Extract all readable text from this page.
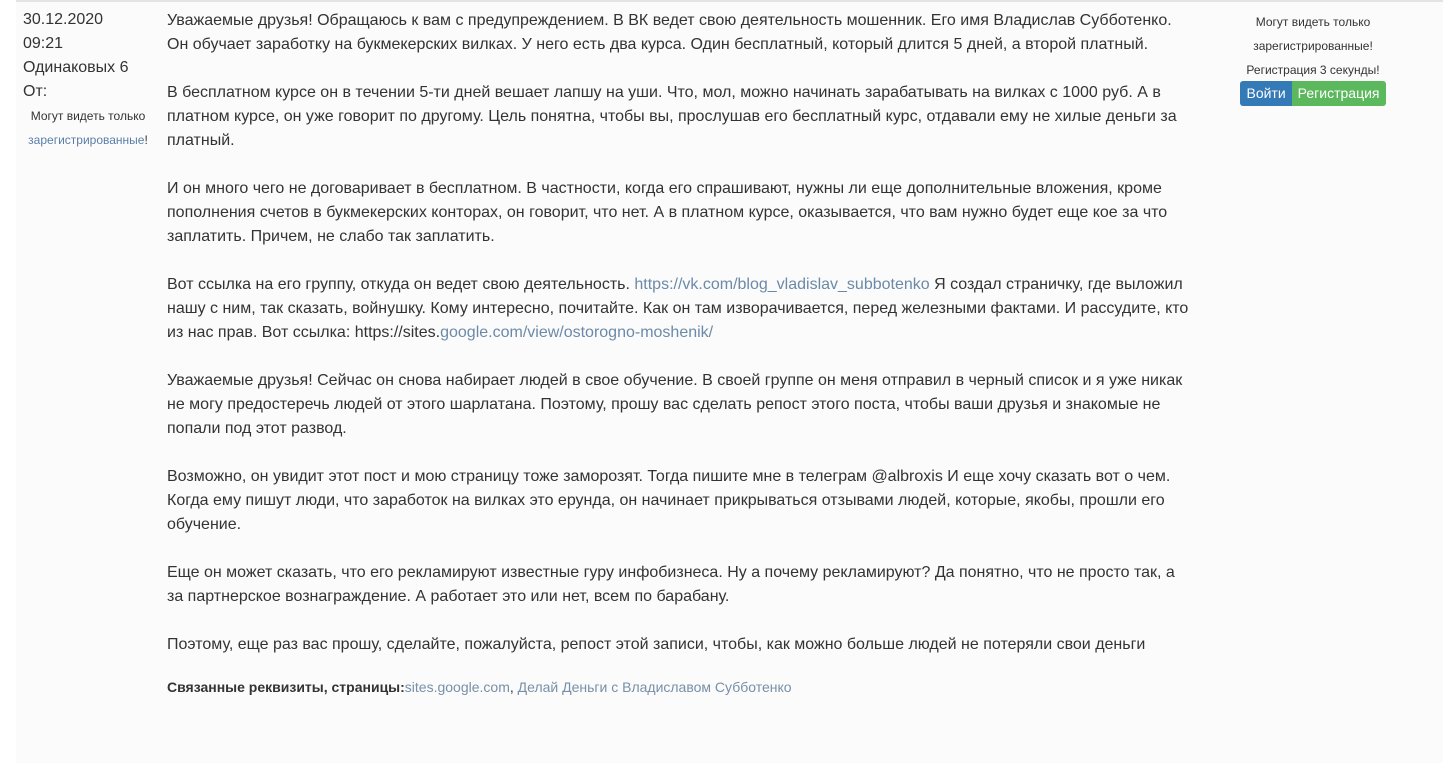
30.12.2020
09:21
Одинаковых 6
От:
Могут видеть только
зарегистрированные!

Уважаемые друзья! Обращаюсь к вам с предупреждением. В ВК ведет свою деятельность мошенник. Его имя Владислав Субботенко. Он обучает заработку на букмекерских вилках. У него есть два курса. Один бесплатный, который длится 5 дней, а второй платный.

В бесплатном курсе он в течении 5-ти дней вешает лапшу на уши. Что, мол, можно начинать зарабатывать на вилках с 1000 руб. А в платном курсе, он уже говорит по другому. Цель понятна, чтобы вы, прослушав его бесплатный курс, отдавали ему не хилые деньги за платный.

И он много чего не договаривает в бесплатном. В частности, когда его спрашивают, нужны ли еще дополнительные вложения, кроме пополнения счетов в букмекерских конторах, он говорит, что нет. А в платном курсе, оказывается, что вам нужно будет еще кое за что заплатить. Причем, не слабо так заплатить.

Вот ссылка на его группу, откуда он ведет свою деятельность. https://vk.com/blog_vladislav_subbotenko Я создал страничку, где выложил нашу с ним, так сказать, войнушку. Кому интересно, почитайте. Как он там изворачивается, перед железными фактами. И рассудите, кто из нас прав. Вот ссылка: https://sites.google.com/view/ostorogno-moshenik/

Уважаемые друзья! Сейчас он снова набирает людей в свое обучение. В своей группе он меня отправил в черный список и я уже никак не могу предостеречь людей от этого шарлатана. Поэтому, прошу вас сделать репост этого поста, чтобы ваши друзья и знакомые не попали под этот развод.

Возможно, он увидит этот пост и мою страницу тоже заморозят. Тогда пишите мне в телеграм @albroxis И еще хочу сказать вот о чем. Когда ему пишут люди, что заработок на вилках это ерунда, он начинает прикрываться отзывами людей, которые, якобы, прошли его обучение.

Еще он может сказать, что его рекламируют известные гуру инфобизнеса. Ну а почему рекламируют? Да понятно, что не просто так, а за партнерское вознаграждение. А работает это или нет, всем по барабану.

Поэтому, еще раз вас прошу, сделайте, пожалуйста, репост этой записи, чтобы, как можно больше людей не потеряли свои деньги

Связанные реквизиты, страницы:sites.google.com, Делай Деньги с Владиславом Субботенко
Могут видеть только
зарегистрированные!
Регистрация 3 секунды!
Войти Регистрация
